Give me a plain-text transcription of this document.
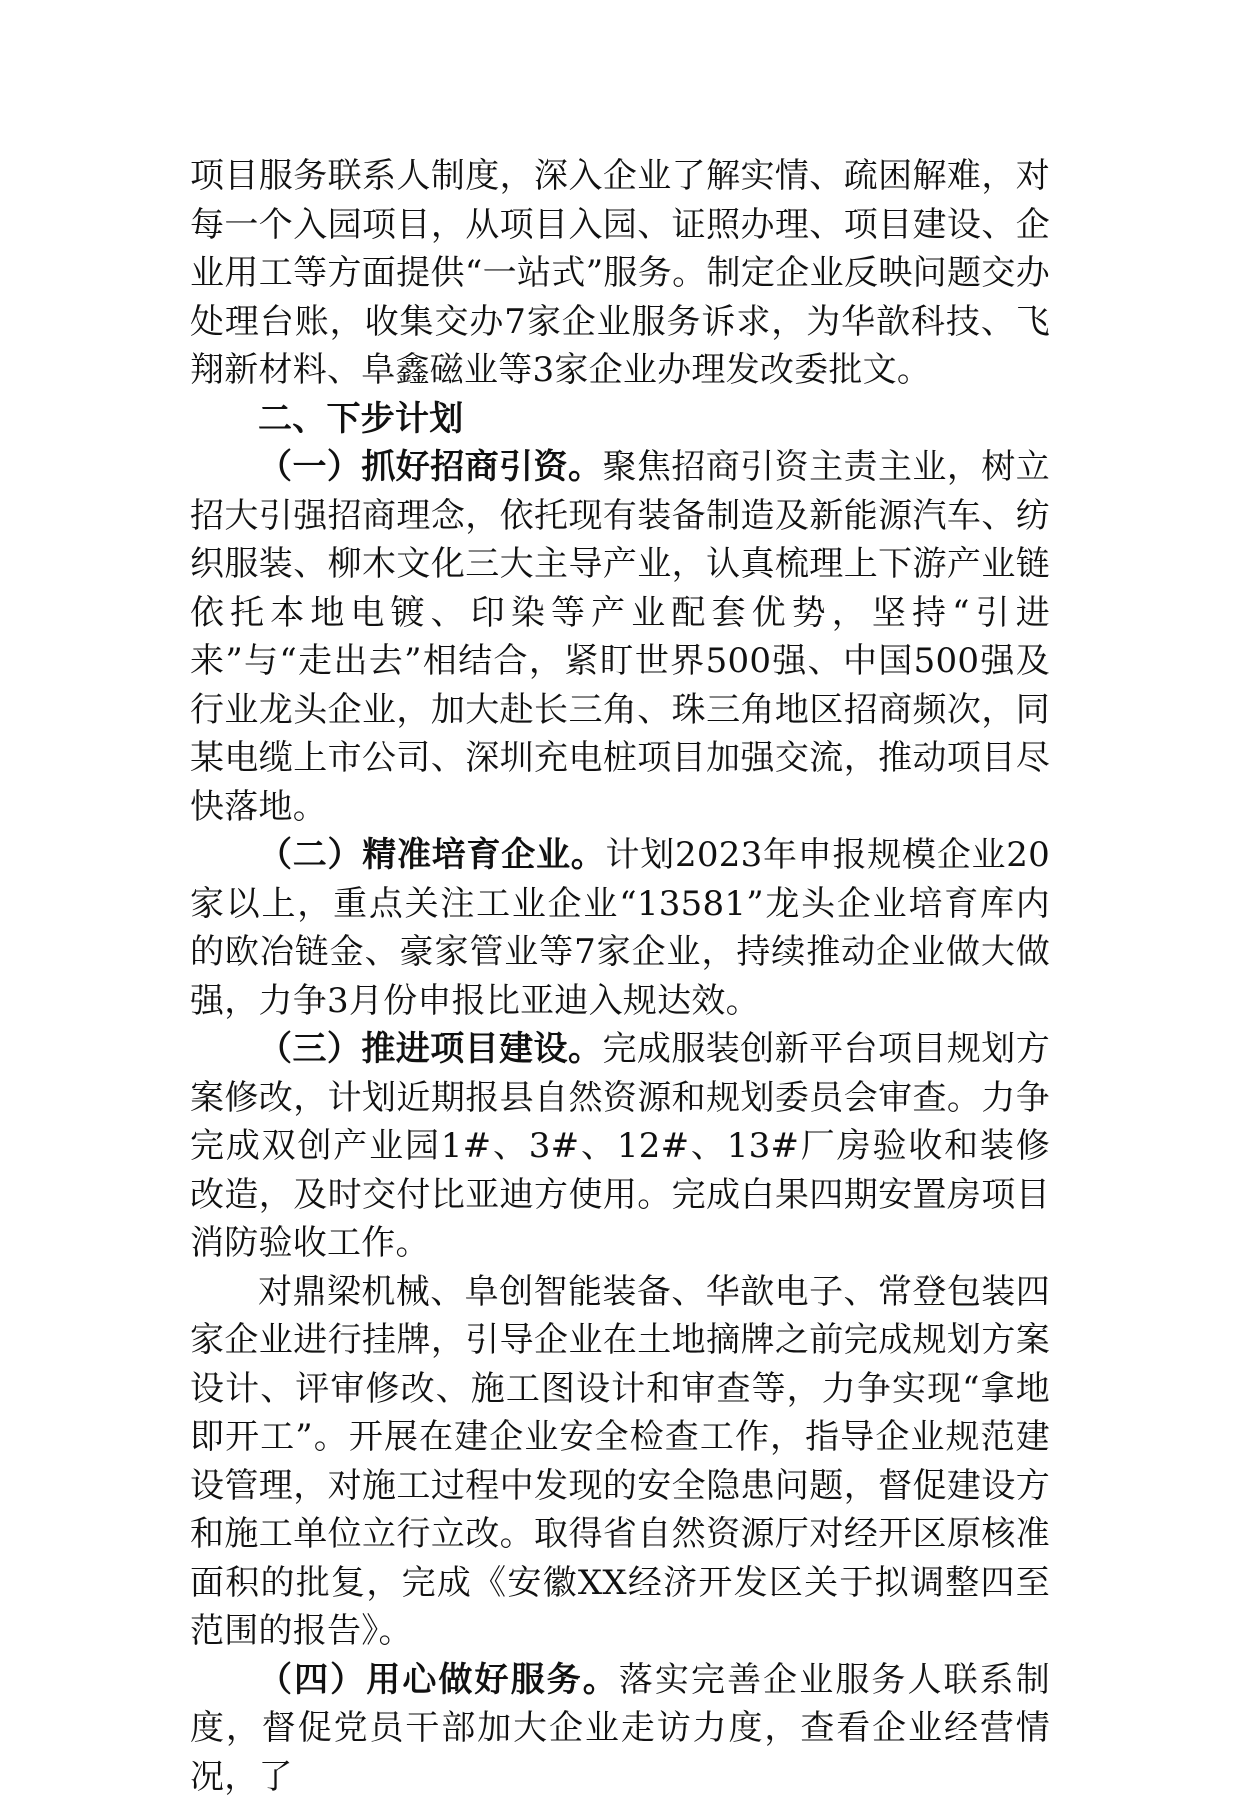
项目服务联系人制度，深入企业了解实情、疏困解难，对每一个入园项目，从项目入园、证照办理、项目建设、企业用工等方面提供“一站式”服务。制定企业反映问题交办处理台账，收集交办7家企业服务诉求，为华歆科技、飞翔新材料、阜鑫磁业等3家企业办理发改委批文。

二、下步计划

（一）抓好招商引资。聚焦招商引资主责主业，树立招大引强招商理念，依托现有装备制造及新能源汽车、纺织服装、柳木文化三大主导产业，认真梳理上下游产业链依托本地电镀、印染等产业配套优势，坚持“引进来”与“走出去”相结合，紧盯世界500强、中国500强及行业龙头企业，加大赴长三角、珠三角地区招商频次，同某电缆上市公司、深圳充电桩项目加强交流，推动项目尽快落地。

（二）精准培育企业。计划2023年申报规模企业20家以上，重点关注工业企业“13581”龙头企业培育库内的欧冶链金、豪家管业等7家企业，持续推动企业做大做强，力争3月份申报比亚迪入规达效。

（三）推进项目建设。完成服装创新平台项目规划方案修改，计划近期报县自然资源和规划委员会审查。力争完成双创产业园1#、3#、12#、13#厂房验收和装修改造，及时交付比亚迪方使用。完成白果四期安置房项目消防验收工作。

对鼎梁机械、阜创智能装备、华歆电子、常登包装四家企业进行挂牌，引导企业在土地摘牌之前完成规划方案设计、评审修改、施工图设计和审查等，力争实现“拿地即开工”。开展在建企业安全检查工作，指导企业规范建设管理，对施工过程中发现的安全隐患问题，督促建设方和施工单位立行立改。取得省自然资源厅对经开区原核准面积的批复，完成《安徽XX经济开发区关于拟调整四至范围的报告》。

（四）用心做好服务。落实完善企业服务人联系制度，督促党员干部加大企业走访力度，查看企业经营情况，了
